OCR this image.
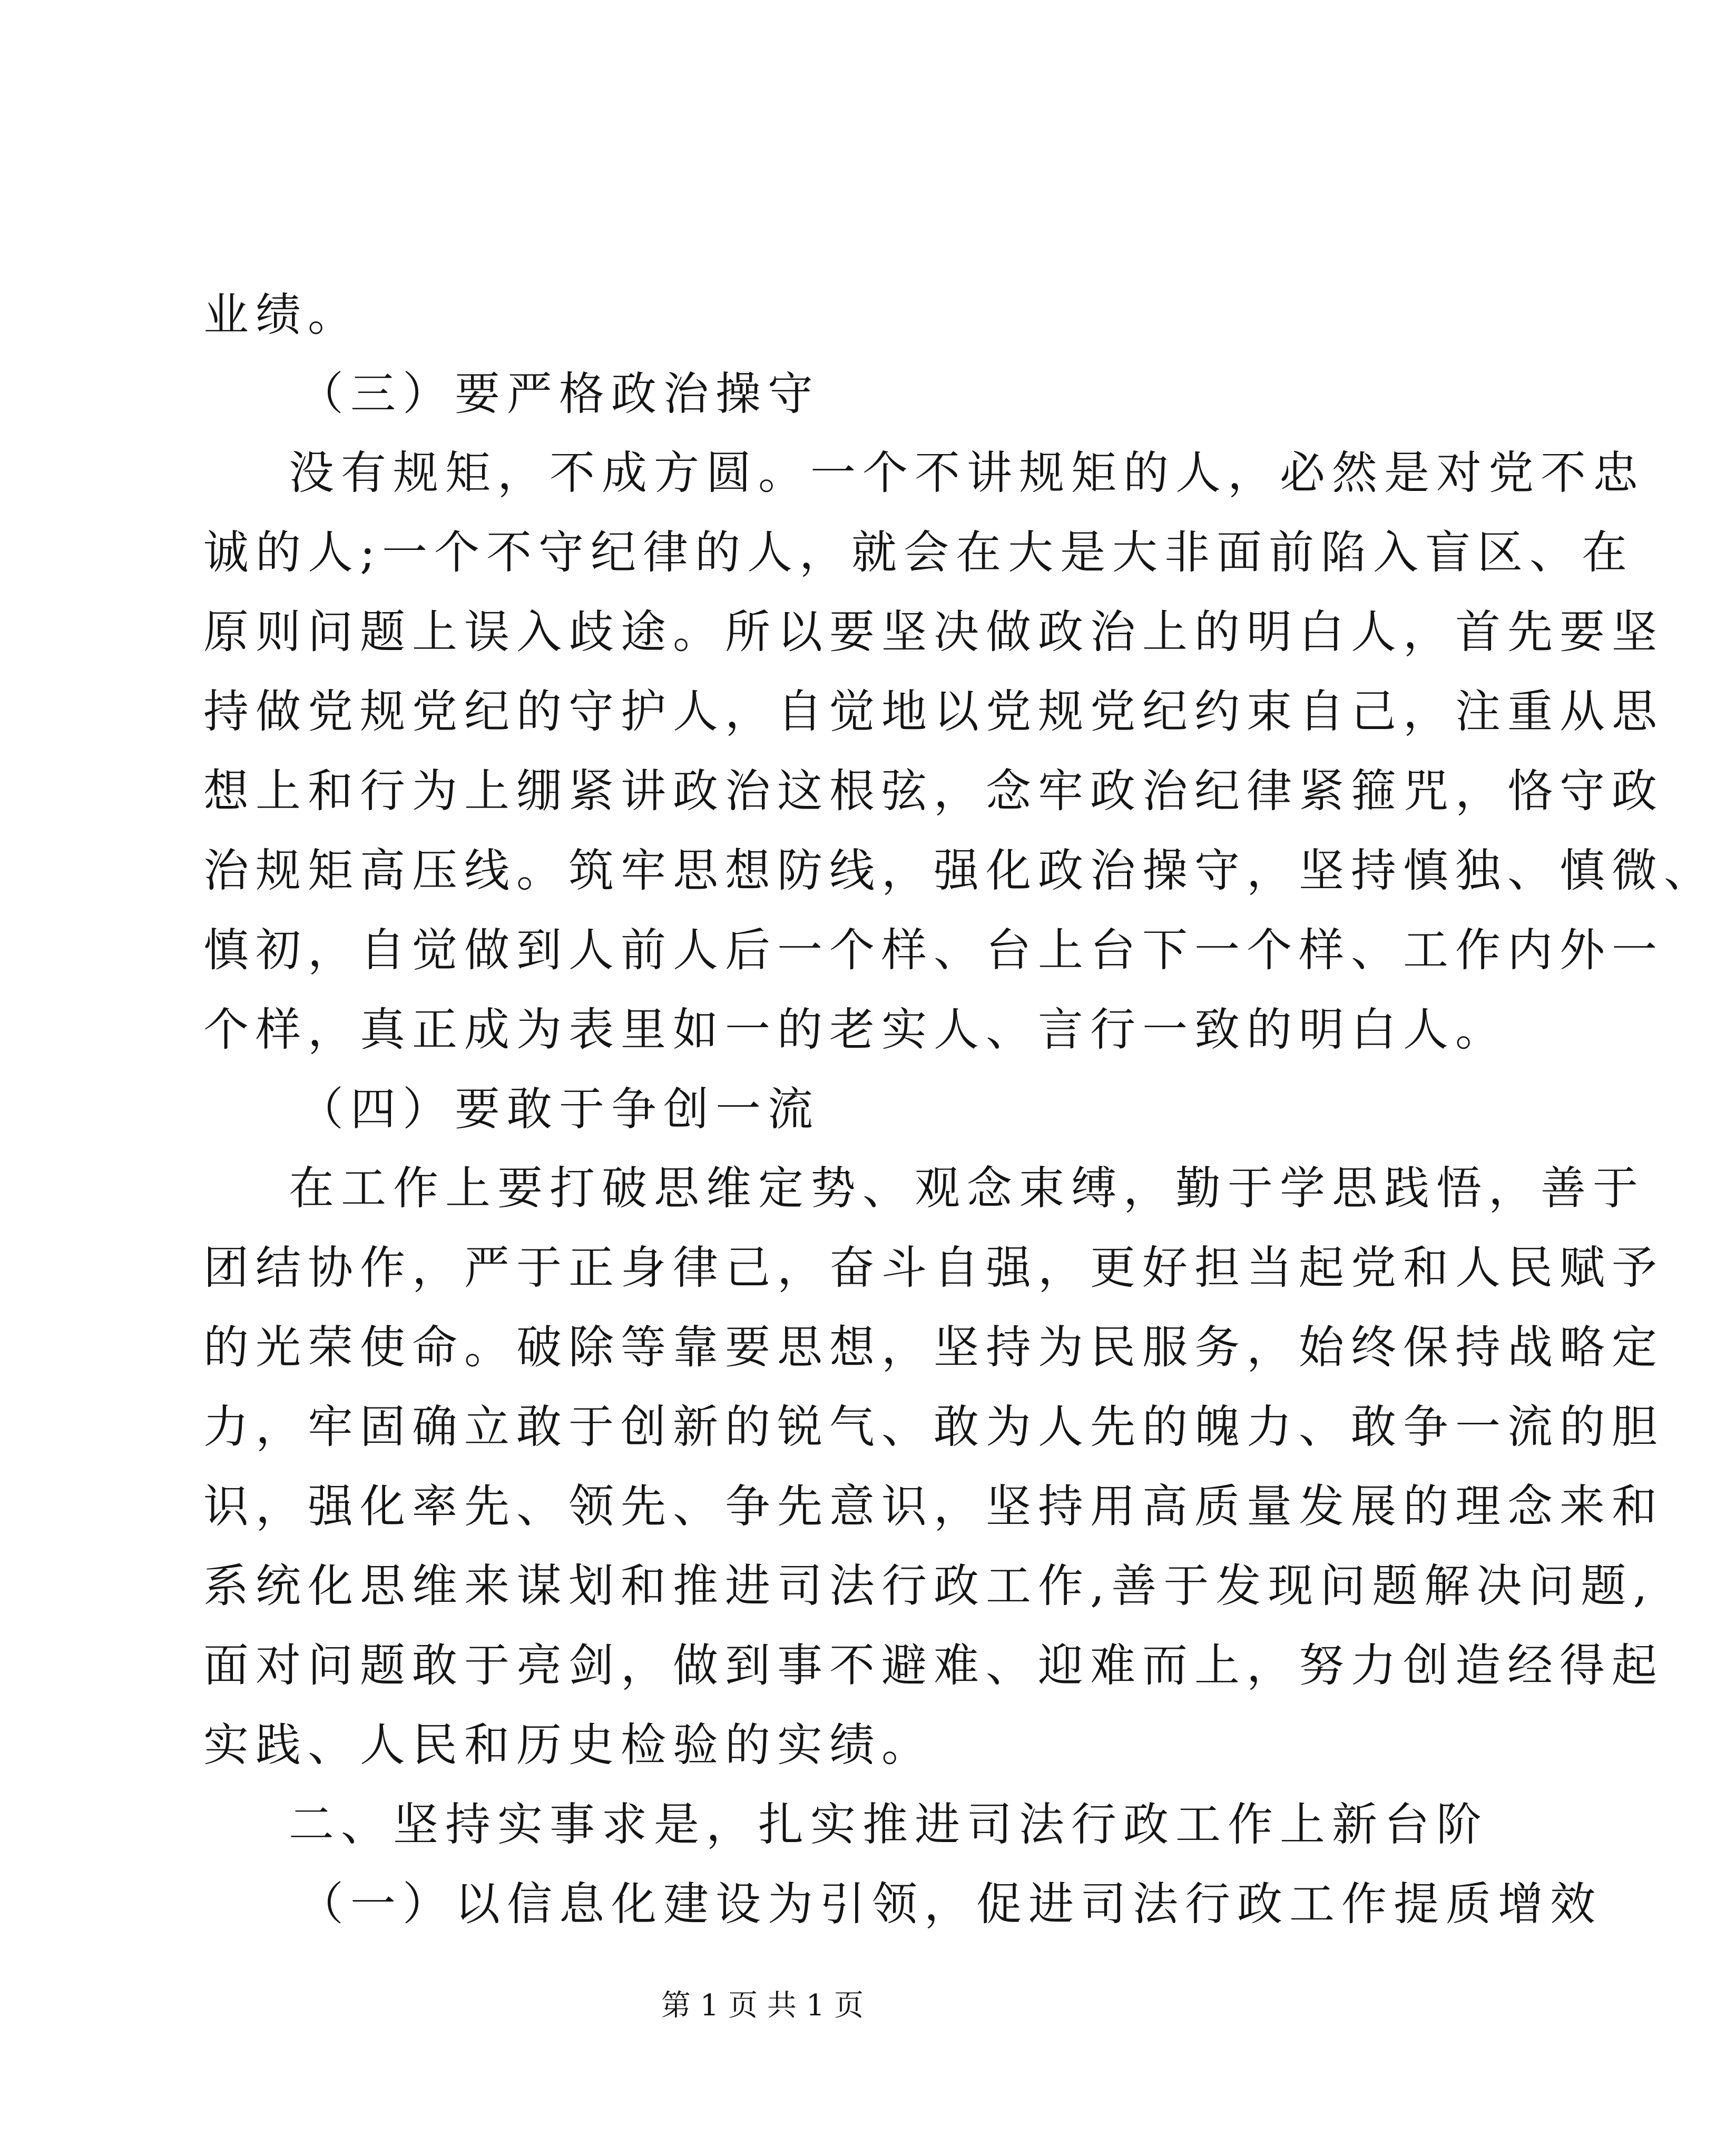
业绩。
（三）要严格政治操守
没有规矩，不成方圆。一个不讲规矩的人，必然是对党不忠
诚的人;一个不守纪律的人，就会在大是大非面前陷入盲区、在
原则问题上误入歧途。所以要坚决做政治上的明白人，首先要坚
持做党规党纪的守护人，自觉地以党规党纪约束自己，注重从思
想上和行为上绷紧讲政治这根弦，念牢政治纪律紧箍咒，恪守政
治规矩高压线。筑牢思想防线，强化政治操守，坚持慎独、慎微、
慎初，自觉做到人前人后一个样、台上台下一个样、工作内外一
个样，真正成为表里如一的老实人、言行一致的明白人。
（四）要敢于争创一流
在工作上要打破思维定势、观念束缚，勤于学思践悟，善于
团结协作，严于正身律己，奋斗自强，更好担当起党和人民赋予
的光荣使命。破除等靠要思想，坚持为民服务，始终保持战略定
力，牢固确立敢于创新的锐气、敢为人先的魄力、敢争一流的胆
识，强化率先、领先、争先意识，坚持用高质量发展的理念来和
系统化思维来谋划和推进司法行政工作,善于发现问题解决问题,
面对问题敢于亮剑，做到事不避难、迎难而上，努力创造经得起
实践、人民和历史检验的实绩。
二、坚持实事求是，扎实推进司法行政工作上新台阶
（一）以信息化建设为引领，促进司法行政工作提质增效
第 1 页 共 1 页
